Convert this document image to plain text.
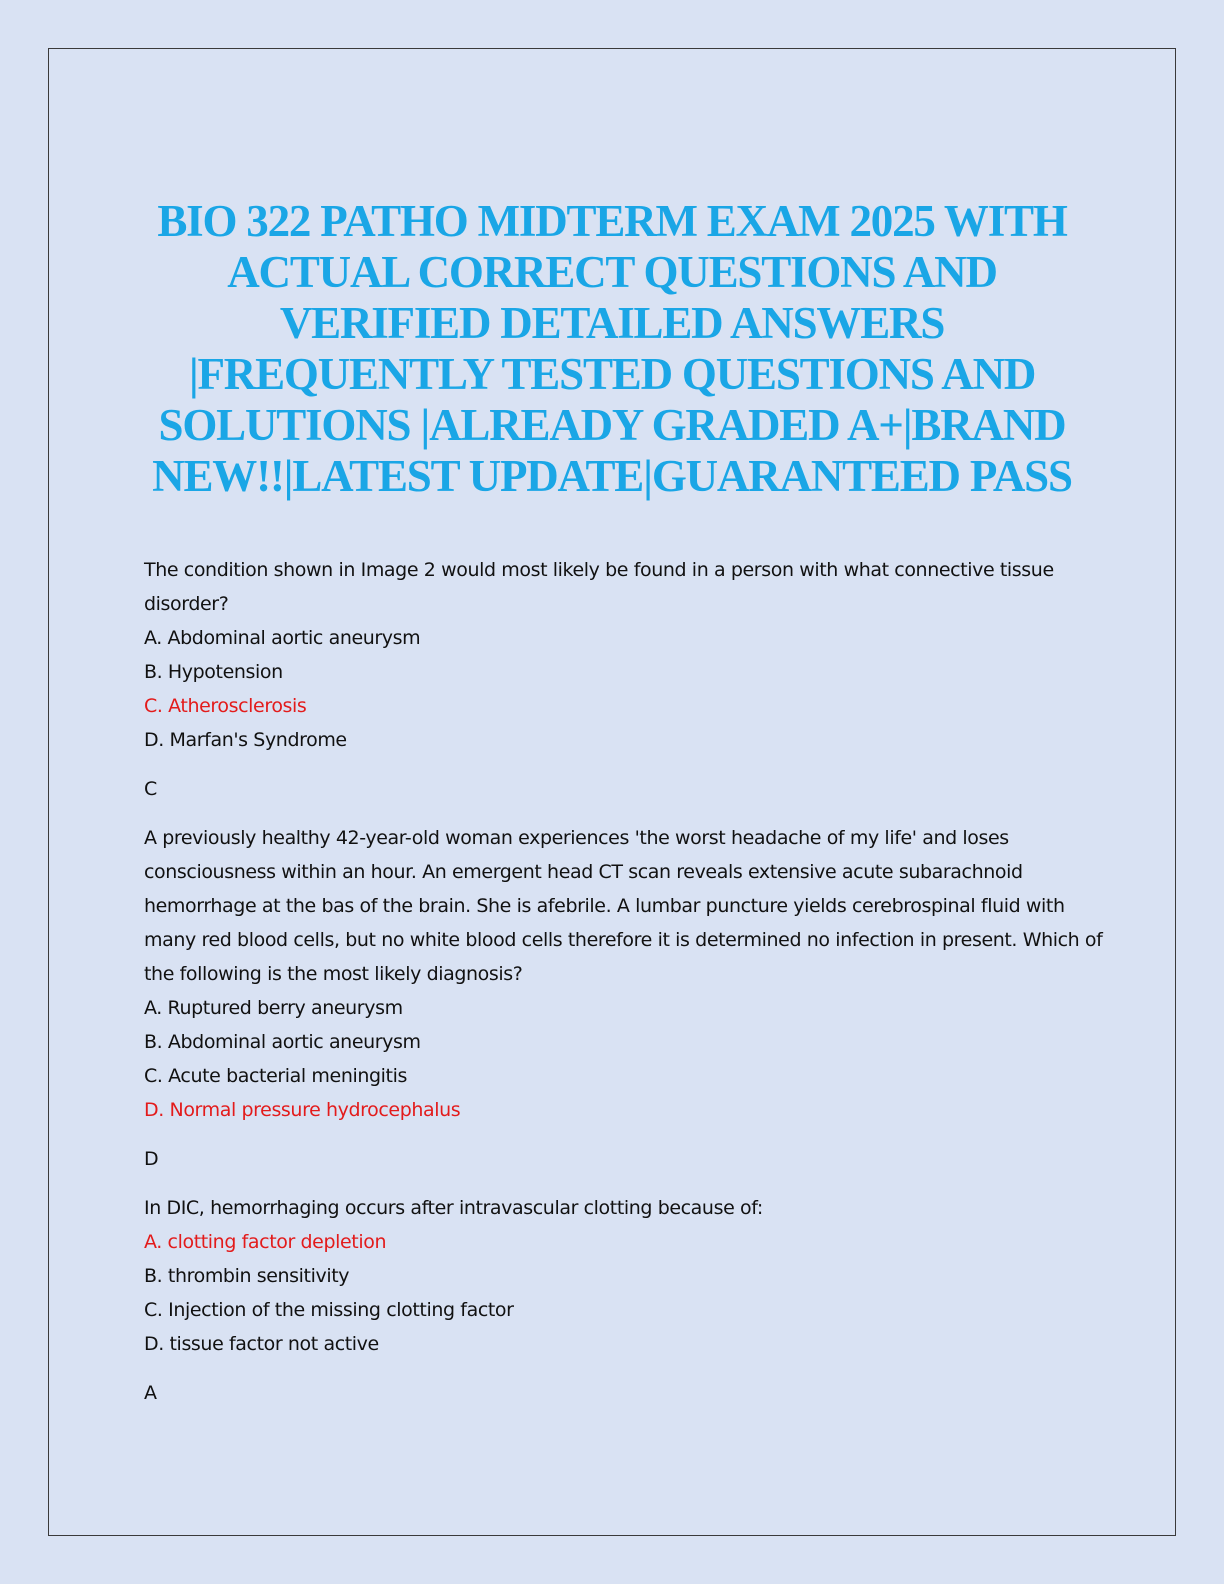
BIO 322 PATHO MIDTERM EXAM 2025 WITH ACTUAL CORRECT QUESTIONS AND VERIFIED DETAILED ANSWERS |FREQUENTLY TESTED QUESTIONS AND SOLUTIONS |ALREADY GRADED A+|BRAND NEW!!|LATEST UPDATE|GUARANTEED PASS

The condition shown in Image 2 would most likely be found in a person with what connective tissue disorder?

A. Abdominal aortic aneurysm

B. Hypotension

C. Atherosclerosis

D. Marfan's Syndrome

C

A previously healthy 42-year-old woman experiences 'the worst headache of my life' and loses consciousness within an hour. An emergent head CT scan reveals extensive acute subarachnoid hemorrhage at the bas of the brain. She is afebrile. A lumbar puncture yields cerebrospinal fluid with many red blood cells, but no white blood cells therefore it is determined no infection in present. Which of the following is the most likely diagnosis?

A. Ruptured berry aneurysm

B. Abdominal aortic aneurysm

C. Acute bacterial meningitis

D. Normal pressure hydrocephalus

D

In DIC, hemorrhaging occurs after intravascular clotting because of:

A. clotting factor depletion

B. thrombin sensitivity

C. Injection of the missing clotting factor

D. tissue factor not active

A
